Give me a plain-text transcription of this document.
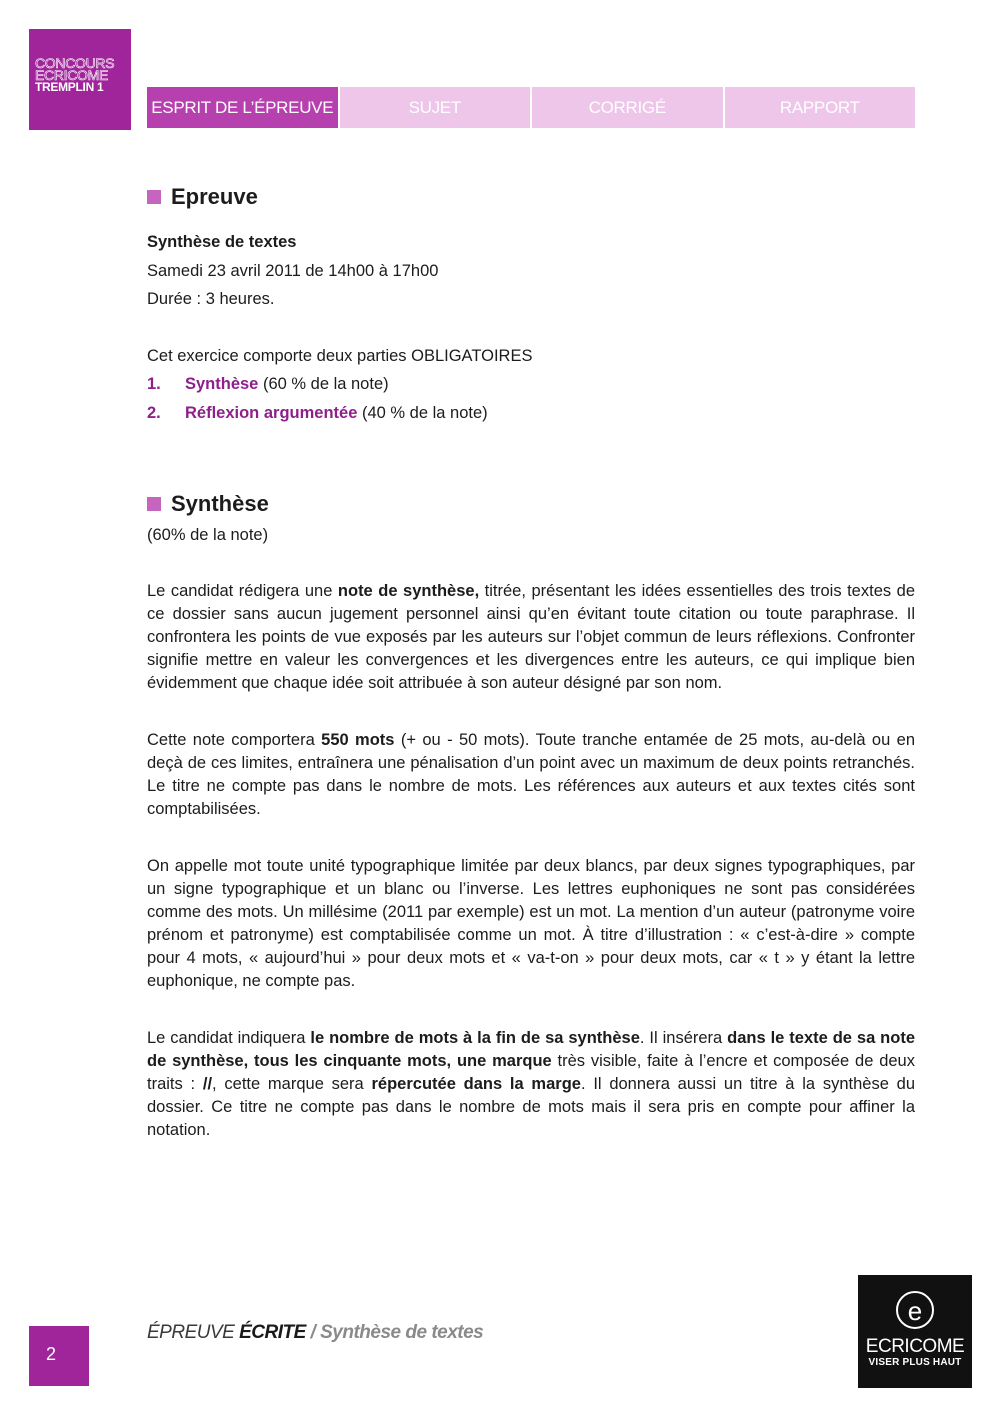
CONCOURS
ECRICOME
TREMPLIN 1
ESPRIT DE L’ÉPREUVE	SUJET	CORRIGÉ	RAPPORT
Epreuve
Synthèse de textes
Samedi 23 avril 2011 de 14h00 à 17h00
Durée : 3 heures.
Cet exercice comporte deux parties OBLIGATOIRES
1.	Synthèse (60 % de la note)
2.	Réflexion argumentée (40 % de la note)
Synthèse
(60% de la note)

Le candidat rédigera une note de synthèse, titrée, présentant les idées essentielles des trois textes de ce dossier sans aucun jugement personnel ainsi qu’en évitant toute citation ou toute paraphrase. Il confrontera les points de vue exposés par les auteurs sur l’objet commun de leurs réflexions. Confronter signifie mettre en valeur les convergences et les divergences entre les auteurs, ce qui implique bien évidemment que chaque idée soit attribuée à son auteur désigné par son nom.

Cette note comportera 550 mots (+ ou - 50 mots). Toute tranche entamée de 25 mots, au-delà ou en deçà de ces limites, entraînera une pénalisation d’un point avec un maximum de deux points retranchés. Le titre ne compte pas dans le nombre de mots. Les références aux auteurs et aux textes cités sont comptabilisées.

On appelle mot toute unité typographique limitée par deux blancs, par deux signes typographiques, par un signe typographique et un blanc ou l’inverse. Les lettres euphoniques ne sont pas considérées comme des mots. Un millésime (2011 par exemple) est un mot. La mention d’un auteur (patronyme voire prénom et patronyme) est comptabilisée comme un mot. À titre d’illustration : « c’est-à-dire » compte pour 4 mots, « aujourd’hui » pour deux mots et « va-t-on » pour deux mots, car « t » y étant la lettre euphonique, ne compte pas.

Le candidat indiquera le nombre de mots à la fin de sa synthèse. Il insérera dans le texte de sa note de synthèse, tous les cinquante mots, une marque très visible, faite à l’encre et composée de deux traits : //, cette marque sera répercutée dans la marge. Il donnera aussi un titre à la synthèse du dossier. Ce titre ne compte pas dans le nombre de mots mais il sera pris en compte pour affiner la notation.

2
ÉPREUVE ÉCRITE / Synthèse de textes
e
ECRICOME
VISER PLUS HAUT
